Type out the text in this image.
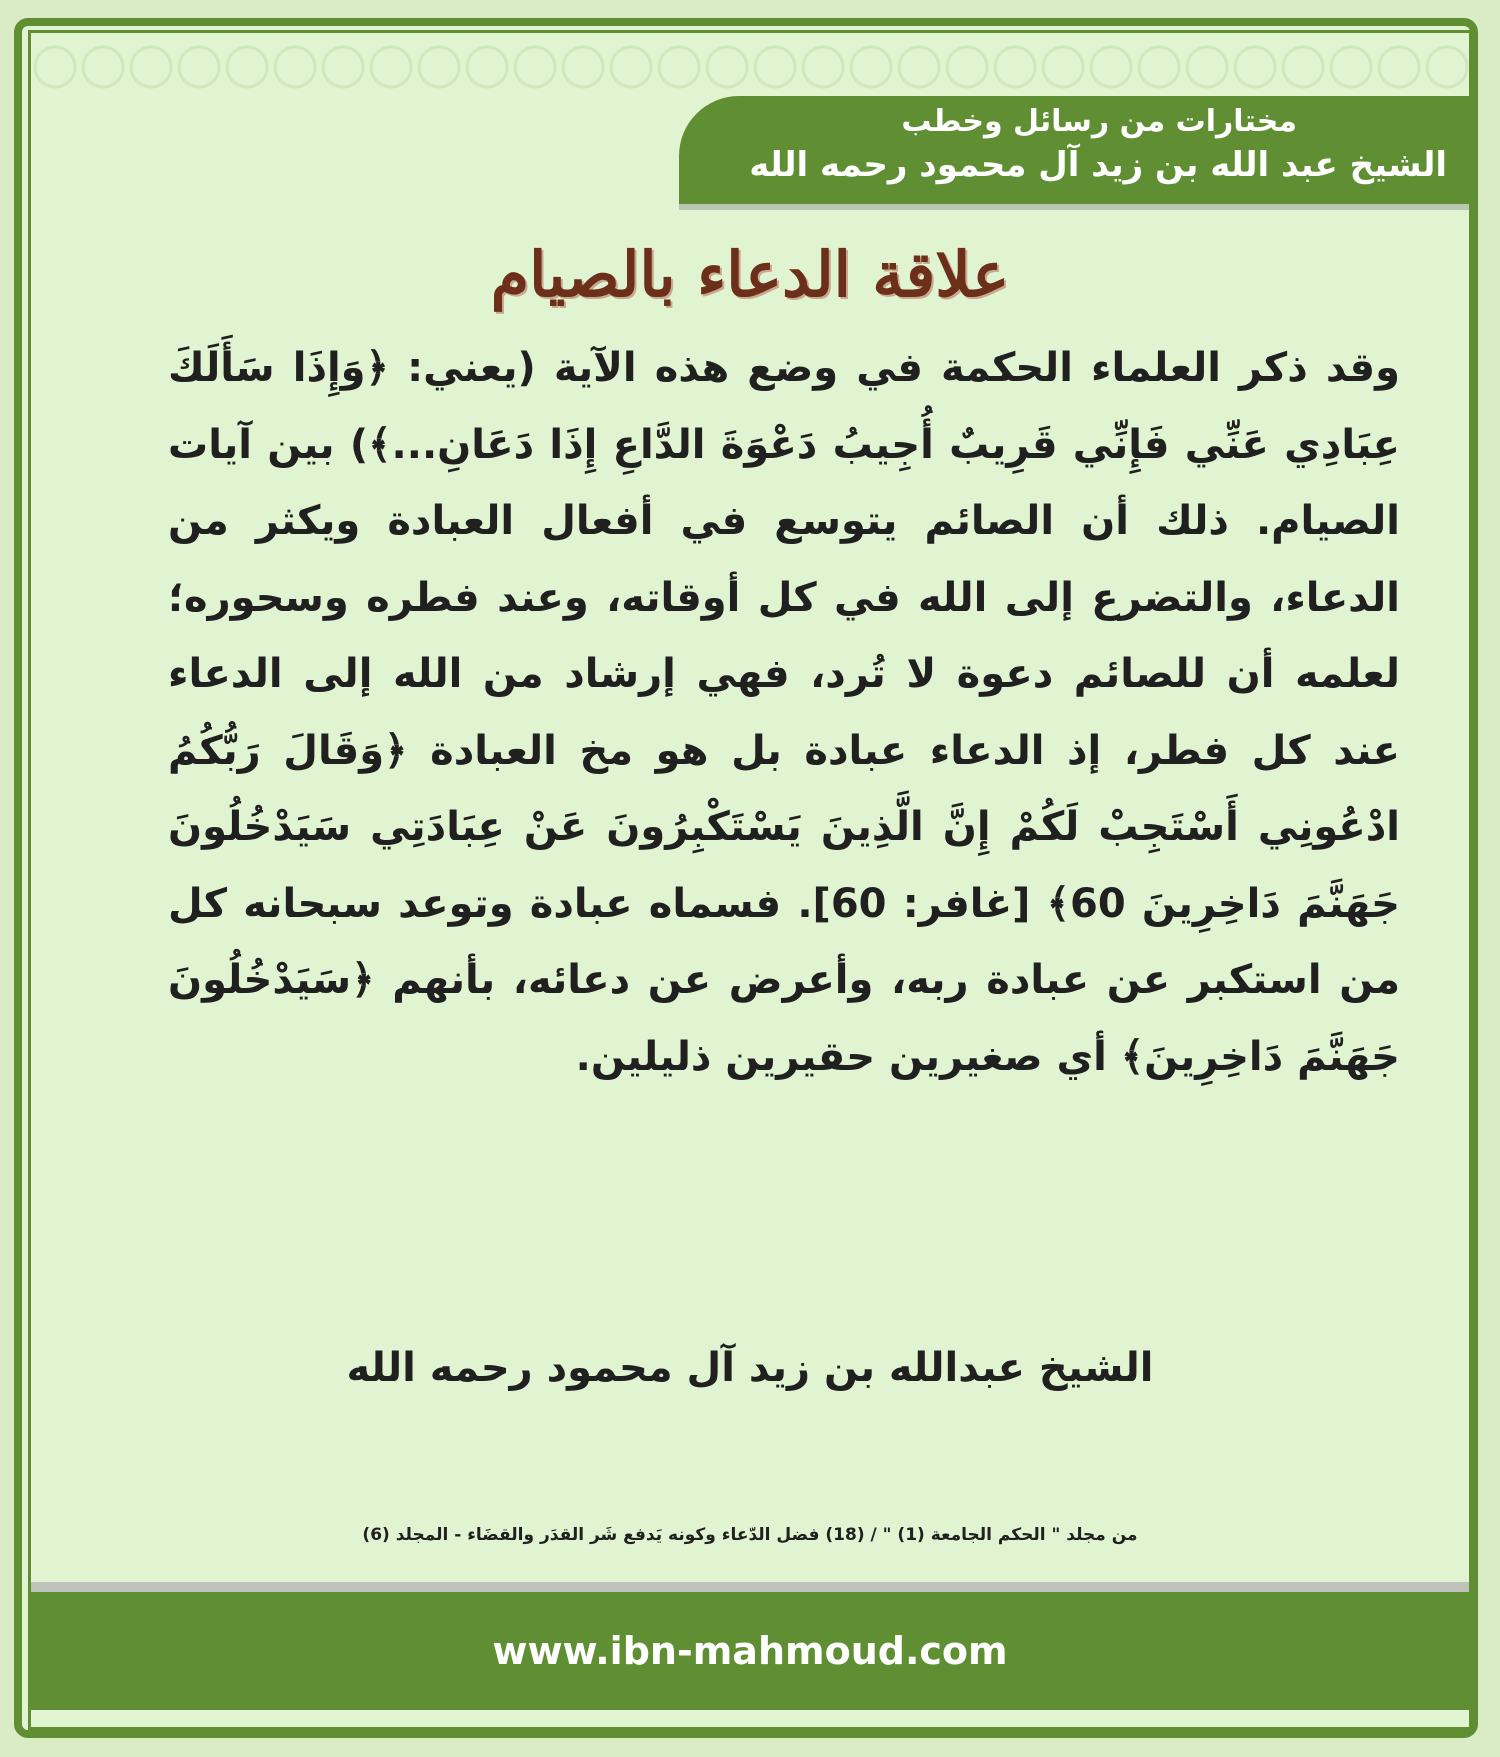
مختارات من رسائل وخطب
الشيخ عبد الله بن زيد آل محمود رحمه الله
علاقة الدعاء بالصيام

وقد ذكر العلماء الحكمة في وضع هذه الآية (يعني: ﴿وَإِذَا سَأَلَكَ عِبَادِي عَنِّي فَإِنِّي قَرِيبٌ أُجِيبُ دَعْوَةَ الدَّاعِ إِذَا دَعَانِ...﴾) بين آيات الصيام. ذلك أن الصائم يتوسع في أفعال العبادة ويكثر من الدعاء، والتضرع إلى الله في كل أوقاته، وعند فطره وسحوره؛ لعلمه أن للصائم دعوة لا تُرد، فهي إرشاد من الله إلى الدعاء عند كل فطر، إذ الدعاء عبادة بل هو مخ العبادة ﴿وَقَالَ رَبُّكُمُ ادْعُونِي أَسْتَجِبْ لَكُمْ إِنَّ الَّذِينَ يَسْتَكْبِرُونَ عَنْ عِبَادَتِي سَيَدْخُلُونَ جَهَنَّمَ دَاخِرِينَ 60﴾ [غافر: 60]. فسماه عبادة وتوعد سبحانه كل من استكبر عن عبادة ربه، وأعرض عن دعائه، بأنهم ﴿سَيَدْخُلُونَ جَهَنَّمَ دَاخِرِينَ﴾ أي صغيرين حقيرين ذليلين.

الشيخ عبدالله بن زيد آل محمود رحمه الله
من مجلد " الحكم الجامعة (1) " / (18) فضل الدّعاء وكونه يَدفع شَر القدَر والقضَاء - المجلد (6)
www.ibn-mahmoud.com
